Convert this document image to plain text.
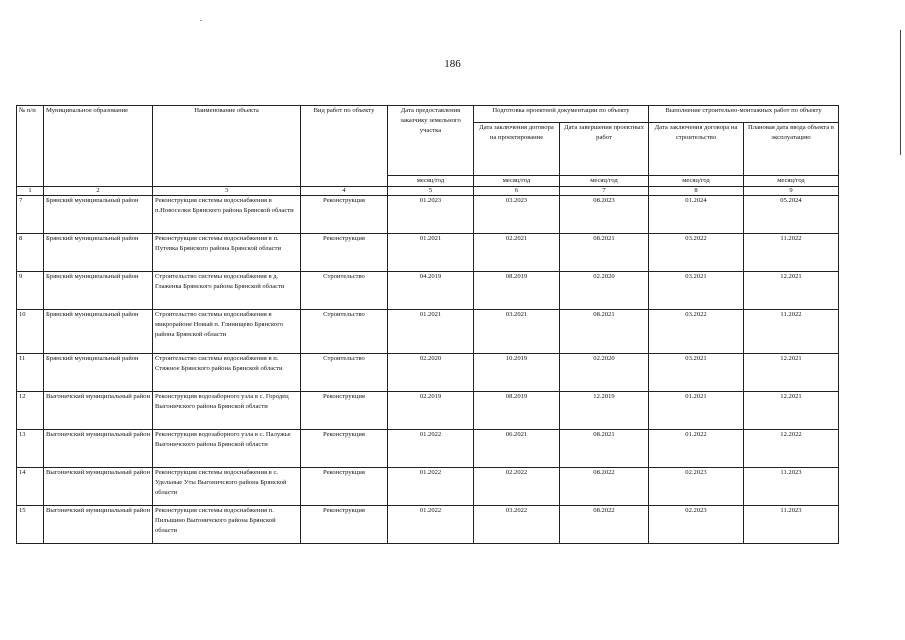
186
№ п/п	Муниципальное образование	Наименование объекта	Вид работ по объекту	Дата предоставления заказчику земельного участка	Подготовка проектной документации по объекту		Выполнение строительно-монтажных работ по объекту	
					Дата заключения договора на проектирование	Дата завершения проектных работ	Дата заключения договора на строительство	Плановая дата ввода объекта в эксплуатацию
				месяц/год	месяц/год	месяц/год	месяц/год	месяц/год
1	2	3	4	5	6	7	8	9
7	Брянский муниципальный район	Реконструкция системы водоснабжения в п.Новоселки Брянского района Брянской области	Реконструкция	01.2023	03.2023	08.2023	01.2024	05.2024
8	Брянский муниципальный район	Реконструкция системы водоснабжения в п. Путевка Брянского района Брянской области	Реконструкция	01.2021	02.2021	08.2021	03.2022	11.2022
9	Брянский муниципальный район	Строительство системы водоснабжения в д. Глаженка Брянского района Брянской области	Строительство	04.2019	08.2019	02.2020	03.2021	12.2021
10	Брянский муниципальный район	Строительство системы водоснабжения в микрорайоне Новый п. Глинищево Брянского района Брянской области	Строительство	01.2021	03.2021	08.2021	03.2022	11.2022
11	Брянский муниципальный район	Строительство системы водоснабжения в п. Стяжное Брянского района Брянской области	Строительство	02.2020	10.2019	02.2020	03.2021	12.2021
12	Выгоничский муниципальный район	Реконструкция водозаборного узла в с. Городец Выгоничского района Брянской области	Реконструкция	02.2019	08.2019	12.2019	01.2021	12.2021
13	Выгоничский муниципальный район	Реконструкция водозаборного узла в с. Палужье Выгоничского района Брянской области	Реконструкция	01.2022	06.2021	08.2021	01.2022	12.2022
14	Выгоничский муниципальный район	Реконструкция системы водоснабжения в с. Удельные Уты Выгоничского района Брянской области	Реконструкция	01.2022	02.2022	08.2022	02.2023	11.2023
15	Выгоничский муниципальный район	Реконструкция системы водоснабжения п. Пильшино Выгоничского района Брянской области	Реконструкция	01.2022	03.2022	08.2022	02.2023	11.2023
